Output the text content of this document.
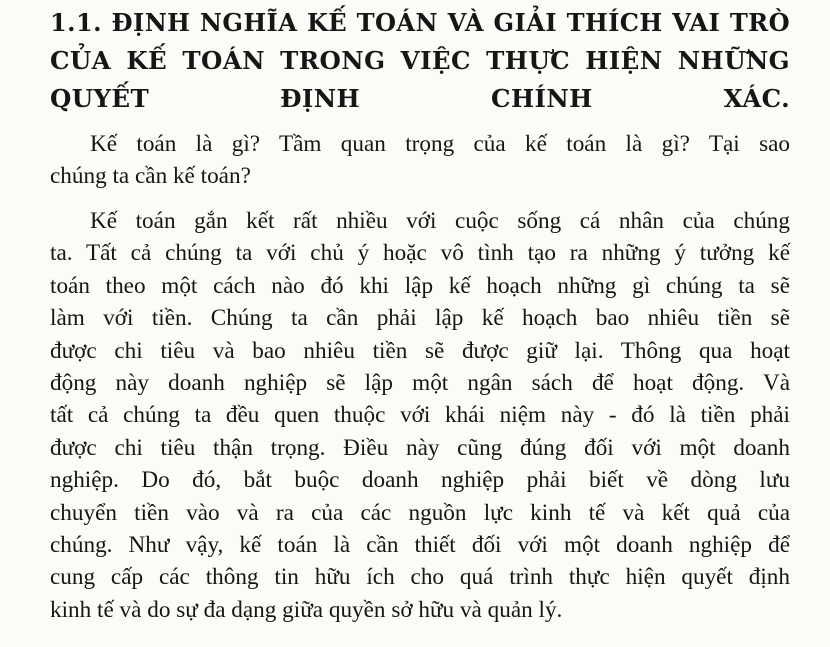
1.1. ĐỊNH NGHĨA KẾ TOÁN VÀ GIẢI THÍCH VAI TRÒ
CỦA KẾ TOÁN TRONG VIỆC THỰC HIỆN NHỮNG
QUYẾT ĐỊNH CHÍNH XÁC.

Kế toán là gì? Tầm quan trọng của kế toán là gì? Tại sao
chúng ta cần kế toán?

Kế toán gắn kết rất nhiều với cuộc sống cá nhân của chúng
ta. Tất cả chúng ta với chủ ý hoặc vô tình tạo ra những ý tưởng kế
toán theo một cách nào đó khi lập kế hoạch những gì chúng ta sẽ
làm với tiền. Chúng ta cần phải lập kế hoạch bao nhiêu tiền sẽ
được chi tiêu và bao nhiêu tiền sẽ được giữ lại. Thông qua hoạt
động này doanh nghiệp sẽ lập một ngân sách để hoạt động. Và
tất cả chúng ta đều quen thuộc với khái niệm này - đó là tiền phải
được chi tiêu thận trọng. Điều này cũng đúng đối với một doanh
nghiệp. Do đó, bắt buộc doanh nghiệp phải biết về dòng lưu
chuyển tiền vào và ra của các nguồn lực kinh tế và kết quả của
chúng. Như vậy, kế toán là cần thiết đối với một doanh nghiệp để
cung cấp các thông tin hữu ích cho quá trình thực hiện quyết định
kinh tế và do sự đa dạng giữa quyền sở hữu và quản lý.
